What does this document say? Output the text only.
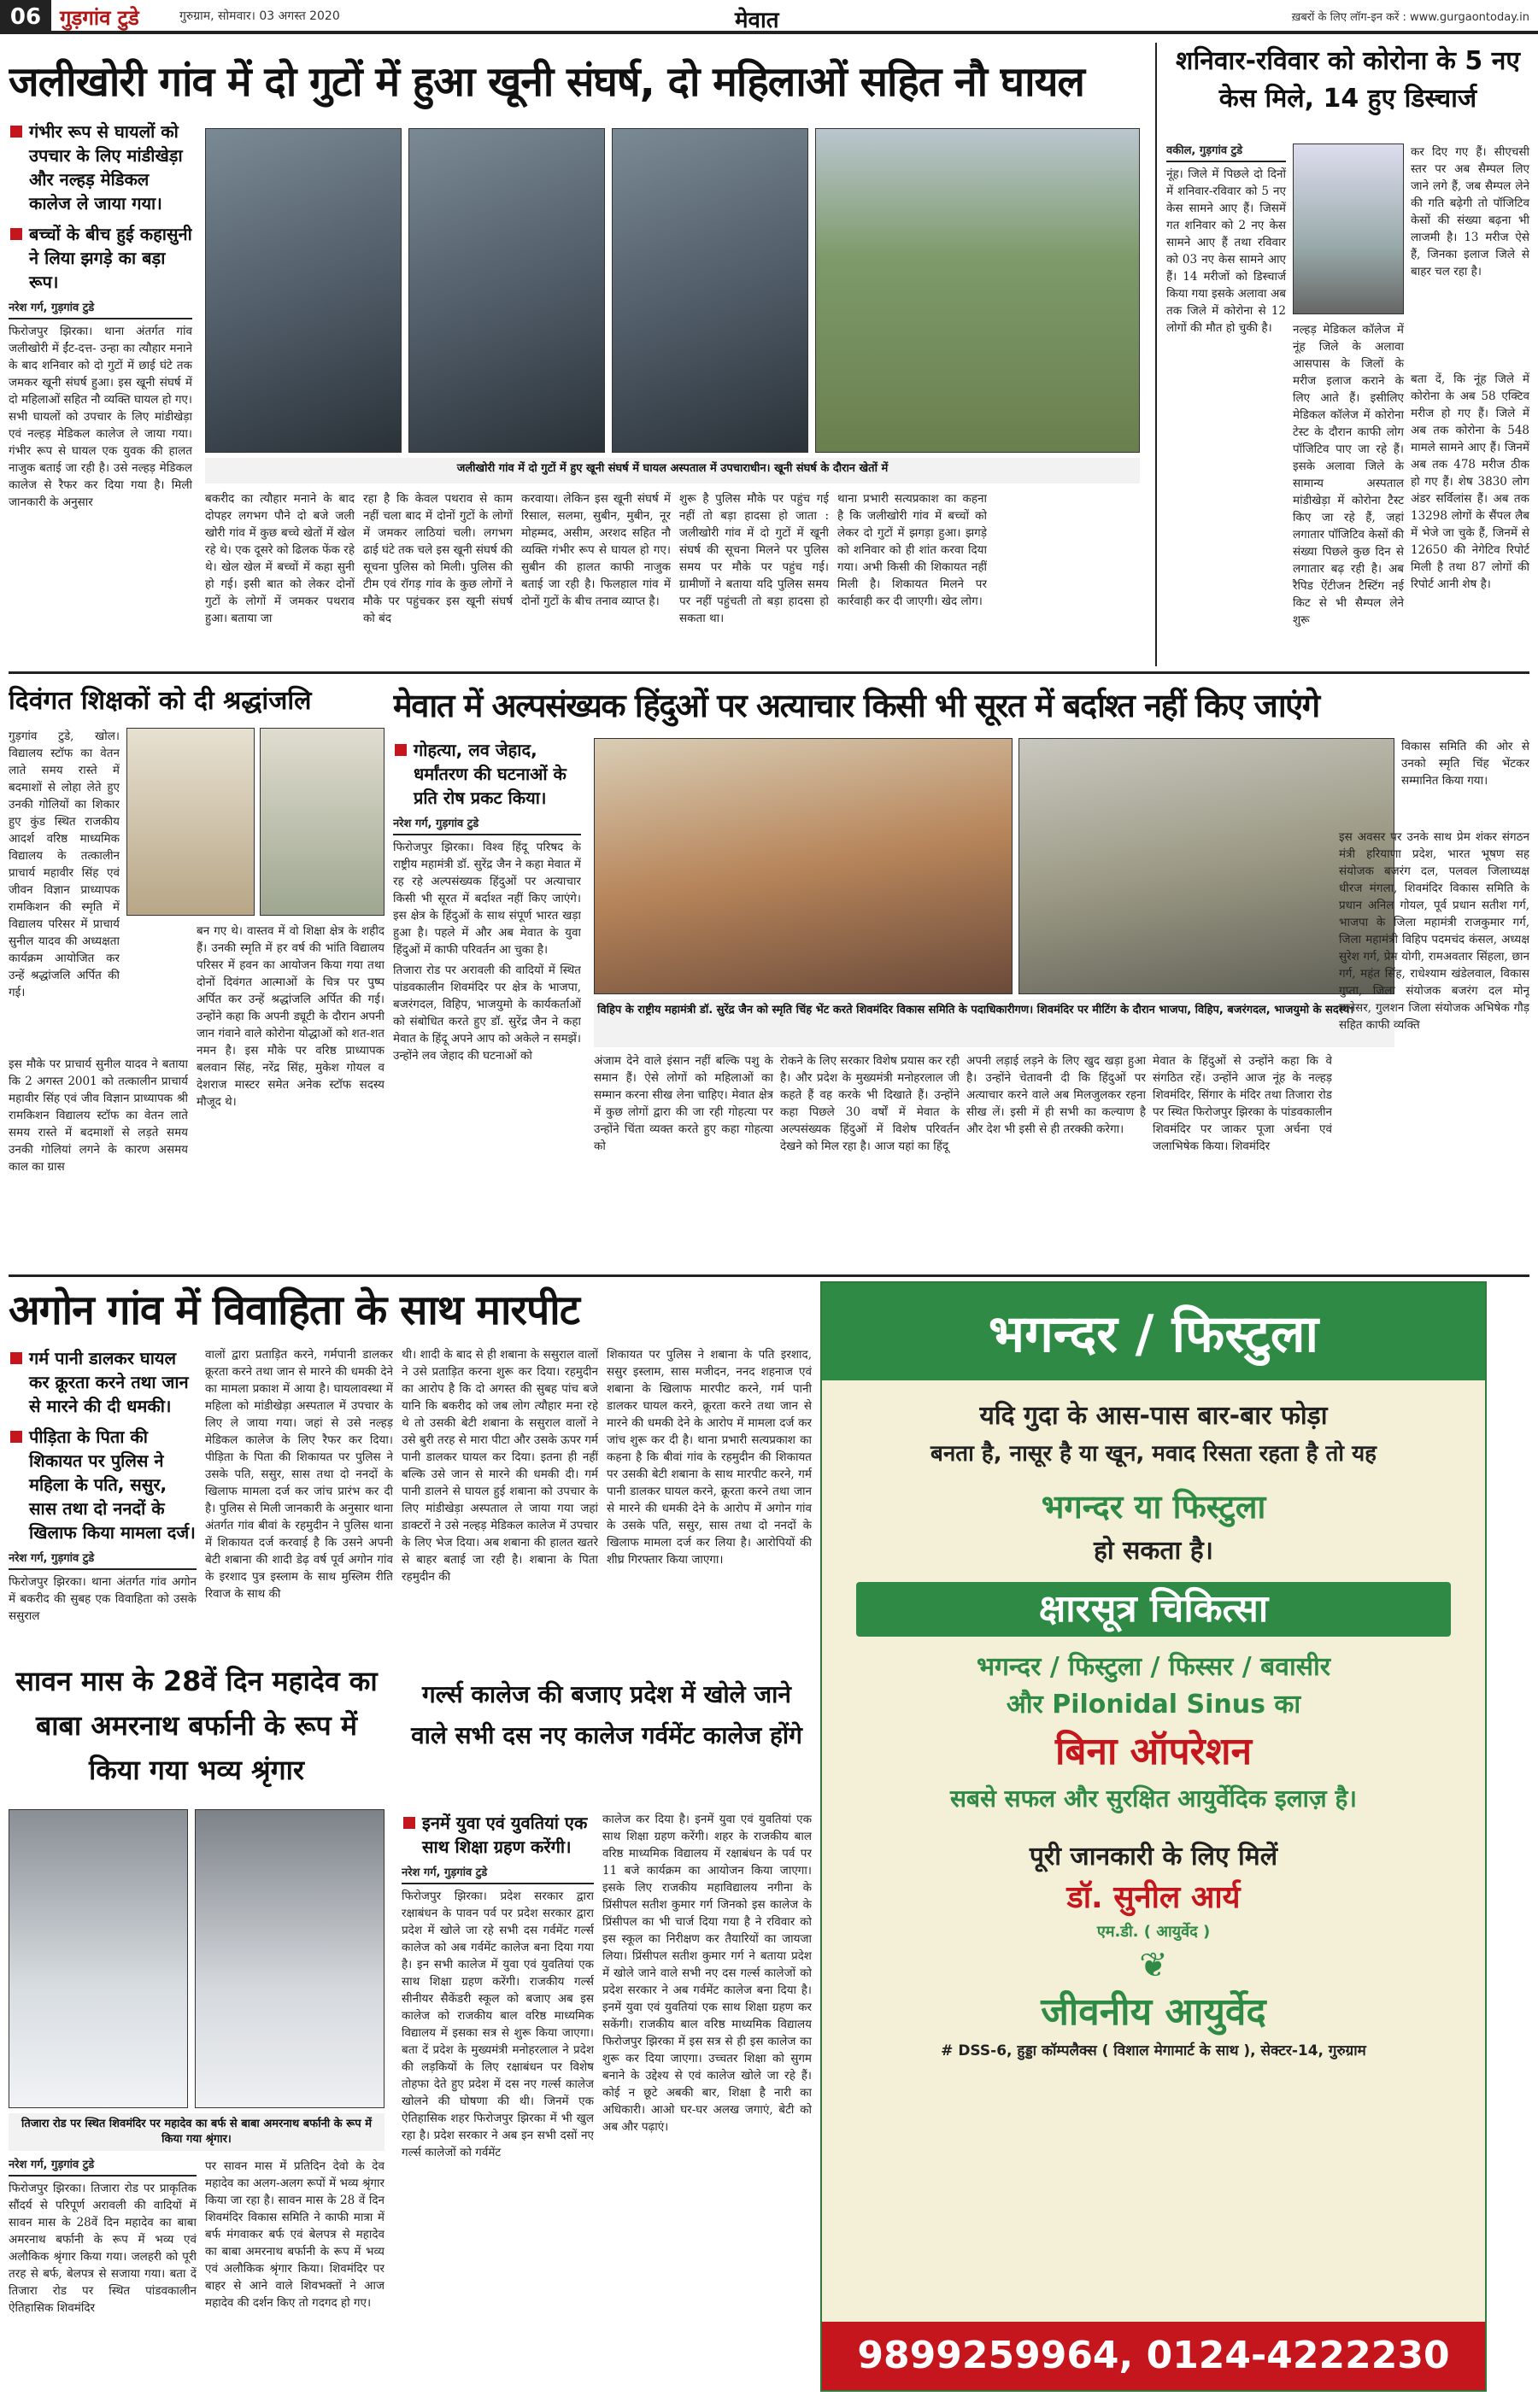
06 गुड़गांव टुडे	गुरुग्राम, सोमवार। 03 अगस्त 2020	मेवात	ख़बरों के लिए लॉग-इन करें : www.gurgaontoday.in
जलीखोरी गांव में दो गुटों में हुआ खूनी संघर्ष, दो महिलाओं सहित नौ घायल
गंभीर रूप से घायलों को उपचार के लिए मांडीखेड़ा और नल्हड़ मेडिकल कालेज ले जाया गया।
बच्चों के बीच हुई कहासुनी ने लिया झगड़े का बड़ा रूप।
नरेश गर्ग, गुड़गांव टुडे
फिरोजपुर झिरका। थाना अंतर्गत गांव जलीखोरी में ईंट-दत्त- उन्हा का त्यौहार मनाने के बाद शनिवार को दो गुटों में छाई घंटे तक जमकर खूनी संघर्ष हुआ। इस खूनी संघर्ष में दो महिलाओं सहित नौ व्यक्ति घायल हो गए। सभी घायलों को उपचार के लिए मांडीखेड़ा एवं नल्हड़ मेडिकल कालेज ले जाया गया। गंभीर रूप से घायल एक युवक की हालत नाजुक बताई जा रही है। उसे नल्हड़ मेडिकल कालेज से रैफर कर दिया गया है। मिली जानकारी के अनुसार
जलीखोरी गांव में दो गुटों में हुए खूनी संघर्ष में घायल अस्पताल में उपचाराधीन। खूनी संघर्ष के दौरान खेतों में
बकरीद का त्यौहार मनाने के बाद दोपहर लगभग पौने दो बजे जली खोरी गांव में कुछ बच्चे खेतों में खेल रहे थे। एक दूसरे को ढिलक फेंक रहे थे। खेल खेल में बच्चों में कहा सुनी हो गई। इसी बात को लेकर दोनों गुटों के लोगों में जमकर पथराव हुआ। बताया जा
रहा है कि केवल पथराव से काम नहीं चला बाद में दोनों गुटों के लोगों में जमकर लाठियां चली। लगभग ढाई घंटे तक चले इस खूनी संघर्ष की सूचना पुलिस को मिली। पुलिस की टीम एवं रॉगड़ गांव के कुछ लोगों ने मौके पर पहुंचकर इस खूनी संघर्ष को बंद
करवाया। लेकिन इस खूनी संघर्ष में रिसाल, सलमा, सुबीन, मुबीन, नूर मोहम्मद, असीम, अरशद सहित नौ व्यक्ति गंभीर रूप से घायल हो गए। सुबीन की हालत काफी नाजुक बताई जा रही है। फिलहाल गांव में दोनों गुटों के बीच तनाव व्याप्त है।
शुरू है पुलिस मौके पर पहुंच गई नहीं तो बड़ा हादसा हो जाता : जलीखोरी गांव में दो गुटों में खूनी संघर्ष की सूचना मिलने पर पुलिस समय पर मौके पर पहुंच गई। ग्रामीणों ने बताया यदि पुलिस समय पर नहीं पहुंचती तो बड़ा हादसा हो सकता था।
थाना प्रभारी सत्यप्रकाश का कहना है कि जलीखोरी गांव में बच्चों को लेकर दो गुटों में झगड़ा हुआ। झगड़े को शनिवार को ही शांत करवा दिया गया। अभी किसी की शिकायत नहीं मिली है। शिकायत मिलने पर कार्रवाही कर दी जाएगी। खेद लोग।
शनिवार-रविवार को कोरोना के 5 नए केस मिले, 14 हुए डिस्चार्ज
वकील, गुड़गांव टुडे
नूंह। जिले में पिछले दो दिनों में शनिवार-रविवार को 5 नए केस सामने आए हैं। जिसमें गत शनिवार को 2 नए केस सामने आए हैं तथा रविवार को 03 नए केस सामने आए हैं। 14 मरीजों को डिस्चार्ज किया गया इसके अलावा अब तक जिले में कोरोना से 12 लोगों की मौत हो चुकी है।
कर दिए गए हैं। सीएचसी स्तर पर अब सैम्पल लिए जाने लगे हैं, जब सैम्पल लेने की गति बढ़ेगी तो पॉजिटिव केसों की संख्या बढ़ना भी लाजमी है। 13 मरीज ऐसे हैं, जिनका इलाज जिले से बाहर चल रहा है।
नल्हड़ मेडिकल कॉलेज में नूंह जिले के अलावा आसपास के जिलों के मरीज इलाज कराने के लिए आते हैं। इसीलिए मेडिकल कॉलेज में कोरोना टेस्ट के दौरान काफी लोग पॉजिटिव पाए जा रहे हैं। इसके अलावा जिले के सामान्य अस्पताल मांडीखेड़ा में कोरोना टैस्ट किए जा रहे हैं, जहां लगातार पॉजिटिव केसों की संख्या पिछले कुछ दिन से लगातार बढ़ रही है। अब रैपिड ऐंटीजन टैस्टिंग नई किट से भी सैम्पल लेने शुरू
बता दें, कि नूंह जिले में कोरोना के अब 58 एक्टिव मरीज हो गए हैं। जिले में अब तक कोरोना के 548 मामले सामने आए हैं। जिनमें अब तक 478 मरीज ठीक हो गए हैं। शेष 3830 लोग अंडर सर्विलांस हैं। अब तक 13298 लोगों के सैंपल लैब में भेजे जा चुके हैं, जिनमें से 12650 की नेगेटिव रिपोर्ट मिली है तथा 87 लोगों की रिपोर्ट आनी शेष है।
दिवंगत शिक्षकों को दी श्रद्धांजलि
गुड़गांव टुडे, खोल। विद्यालय स्टॉफ का वेतन लाते समय रास्ते में बदमाशों से लोहा लेते हुए उनकी गोलियों का शिकार हुए कुंड स्थित राजकीय आदर्श वरिष्ठ माध्यमिक विद्यालय के तत्कालीन प्राचार्य महावीर सिंह एवं जीवन विज्ञान प्राध्यापक रामकिशन की स्मृति में विद्यालय परिसर में प्राचार्य सुनील यादव की अध्यक्षता कार्यक्रम आयोजित कर उन्हें श्रद्धांजलि अर्पित की गई।
इस मौके पर प्राचार्य सुनील यादव ने बताया कि 2 अगस्त 2001 को तत्कालीन प्राचार्य महावीर सिंह एवं जीव विज्ञान प्राध्यापक श्री रामकिशन विद्यालय स्टॉफ का वेतन लाते समय रास्ते में बदमाशों से लड़ते समय उनकी गोलियां लगने के कारण असमय काल का ग्रास
बन गए थे। वास्तव में वो शिक्षा क्षेत्र के शहीद हैं। उनकी स्मृति में हर वर्ष की भांति विद्यालय परिसर में हवन का आयोजन किया गया तथा दोनों दिवंगत आत्माओं के चित्र पर पुष्प अर्पित कर उन्हें श्रद्धांजलि अर्पित की गई। उन्होंने कहा कि अपनी ड्यूटी के दौरान अपनी जान गंवाने वाले कोरोना योद्धाओं को शत-शत नमन है। इस मौके पर वरिष्ठ प्राध्यापक बलवान सिंह, नरेंद्र सिंह, मुकेश गोयल व देशराज मास्टर समेत अनेक स्टॉफ सदस्य मौजूद थे।
मेवात में अल्पसंख्यक हिंदुओं पर अत्याचार किसी भी सूरत में बर्दाश्त नहीं किए जाएंगे
गोहत्या, लव जेहाद, धर्मांतरण की घटनाओं के प्रति रोष प्रकट किया।
नरेश गर्ग, गुड़गांव टुडे
फिरोजपुर झिरका। विश्व हिंदू परिषद के राष्ट्रीय महामंत्री डॉ. सुरेंद्र जैन ने कहा मेवात में रह रहे अल्पसंख्यक हिंदुओं पर अत्याचार किसी भी सूरत में बर्दाश्त नहीं किए जाएंगे। इस क्षेत्र के हिंदुओं के साथ संपूर्ण भारत खड़ा हुआ है। पहले में और अब मेवात के युवा हिंदुओं में काफी परिवर्तन आ चुका है।
तिजारा रोड पर अरावली की वादियों में स्थित पांडवकालीन शिवमंदिर पर क्षेत्र के भाजपा, बजरंगदल, विहिप, भाजयुमो के कार्यकर्ताओं को संबोधित करते हुए डॉ. सुरेंद्र जैन ने कहा मेवात के हिंदू अपने आप को अकेले न समझें। उन्होंने लव जेहाद की घटनाओं को
विहिप के राष्ट्रीय महामंत्री डॉ. सुरेंद्र जैन को स्मृति चिंह भेंट करते शिवमंदिर विकास समिति के पदाधिकारीगण। शिवमंदिर पर मीटिंग के दौरान भाजपा, विहिप, बजरंगदल, भाजयुमो के सदस्य।
अंजाम देने वाले इंसान नहीं बल्कि पशु के समान हैं। ऐसे लोगों को महिलाओं का सम्मान करना सीख लेना चाहिए। मेवात क्षेत्र में कुछ लोगों द्वारा की जा रही गोहत्या पर उन्होंने चिंता व्यक्त करते हुए कहा गोहत्या को
रोकने के लिए सरकार विशेष प्रयास कर रही है। और प्रदेश के मुख्यमंत्री मनोहरलाल जी कहते हैं वह करके भी दिखाते हैं। उन्होंने कहा पिछले 30 वर्षों में मेवात के अल्पसंख्यक हिंदुओं में विशेष परिवर्तन देखने को मिल रहा है। आज यहां का हिंदू
अपनी लड़ाई लड़ने के लिए खुद खड़ा हुआ है। उन्होंने चेतावनी दी कि हिंदुओं पर अत्याचार करने वाले अब मिलजुलकर रहना सीख लें। इसी में ही सभी का कल्याण है और देश भी इसी से ही तरक्की करेगा।
मेवात के हिंदुओं से उन्होंने कहा कि वे संगठित रहें। उन्होंने आज नूंह के नल्हड़ शिवमंदिर, सिंगार के मंदिर तथा तिजारा रोड पर स्थित फिरोजपुर झिरका के पांडवकालीन शिवमंदिर पर जाकर पूजा अर्चना एवं जलाभिषेक किया। शिवमंदिर
विकास समिति की ओर से उनको स्मृति चिंह भेंटकर सम्मानित किया गया।
इस अवसर पर उनके साथ प्रेम शंकर संगठन मंत्री हरियाणा प्रदेश, भारत भूषण सह संयोजक बजरंग दल, पलवल जिलाध्यक्ष धीरज मंगला, शिवमंदिर विकास समिति के प्रधान अनिल गोयल, पूर्व प्रधान सतीश गर्ग, भाजपा के जिला महामंत्री राजकुमार गर्ग, जिला महामंत्री विहिप पदमचंद कंसल, अध्यक्ष सुरेश गर्ग, प्रेम योगी, रामअवतार सिंहला, छान गर्ग, महंत सिंह, राधेश्याम खंडेलवाल, विकास गुप्ता, जिला संयोजक बजरंग दल मोनू मानेसर, गुलशन जिला संयोजक अभिषेक गौड़ सहित काफी व्यक्ति
अगोन गांव में विवाहिता के साथ मारपीट
गर्म पानी डालकर घायल कर क्रूरता करने तथा जान से मारने की दी धमकी।
पीड़िता के पिता की शिकायत पर पुलिस ने महिला के पति, ससुर, सास तथा दो ननदों के खिलाफ किया मामला दर्ज।
नरेश गर्ग, गुड़गांव टुडे
फिरोजपुर झिरका। थाना अंतर्गत गांव अगोन में बकरीद की सुबह एक विवाहिता को उसके ससुराल
वालों द्वारा प्रताड़ित करने, गर्मपानी डालकर क्रूरता करने तथा जान से मारने की धमकी देने का मामला प्रकाश में आया है। घायलावस्था में महिला को मांडीखेड़ा अस्पताल में उपचार के लिए ले जाया गया। जहां से उसे नल्हड़ मेडिकल कालेज के लिए रैफर कर दिया। पीड़िता के पिता की शिकायत पर पुलिस ने उसके पति, ससुर, सास तथा दो ननदों के खिलाफ मामला दर्ज कर जांच प्रारंभ कर दी है। पुलिस से मिली जानकारी के अनुसार थाना अंतर्गत गांव बीवां के रहमुदीन ने पुलिस थाना में शिकायत दर्ज करवाई है कि उसने अपनी बेटी शबाना की शादी डेढ़ वर्ष पूर्व अगोन गांव के इरशाद पुत्र इस्लाम के साथ मुस्लिम रीति रिवाज के साथ की
थी। शादी के बाद से ही शबाना के ससुराल वालों ने उसे प्रताड़ित करना शुरू कर दिया। रहमुदीन का आरोप है कि दो अगस्त की सुबह पांच बजे यानि कि बकरीद को जब लोग त्यौहार मना रहे थे तो उसकी बेटी शबाना के ससुराल वालों ने उसे बुरी तरह से मारा पीटा और उसके ऊपर गर्म पानी डालकर घायल कर दिया। इतना ही नहीं बल्कि उसे जान से मारने की धमकी दी। गर्म पानी डालने से घायल हुई शबाना को उपचार के लिए मांडीखेड़ा अस्पताल ले जाया गया जहां डाक्टरों ने उसे नल्हड़ मेडिकल कालेज में उपचार के लिए भेज दिया। अब शबाना की हालत खतरे से बाहर बताई जा रही है। शबाना के पिता रहमुदीन की
शिकायत पर पुलिस ने शबाना के पति इरशाद, ससुर इस्लाम, सास मजीदन, ननद शहनाज एवं शबाना के खिलाफ मारपीट करने, गर्म पानी डालकर घायल करने, क्रूरता करने तथा जान से मारने की धमकी देने के आरोप में मामला दर्ज कर जांच शुरू कर दी है। थाना प्रभारी सत्यप्रकाश का कहना है कि बीवां गांव के रहमुदीन की शिकायत पर उसकी बेटी शबाना के साथ मारपीट करने, गर्म पानी डालकर घायल करने, क्रूरता करने तथा जान से मारने की धमकी देने के आरोप में अगोन गांव के उसके पति, ससुर, सास तथा दो ननदों के खिलाफ मामला दर्ज कर लिया है। आरोपियों की शीघ्र गिरफ्तार किया जाएगा।
सावन मास के 28वें दिन महादेव का बाबा अमरनाथ बर्फानी के रूप में किया गया भव्य श्रृंगार
तिजारा रोड पर स्थित शिवमंदिर पर महादेव का बर्फ से बाबा अमरनाथ बर्फानी के रूप में किया गया श्रृंगार।
नरेश गर्ग, गुड़गांव टुडे
फिरोजपुर झिरका। तिजारा रोड पर प्राकृतिक सौंदर्य से परिपूर्ण अरावली की वादियों में सावन मास के 28वें दिन महादेव का बाबा अमरनाथ बर्फानी के रूप में भव्य एवं अलौकिक श्रृंगार किया गया। जलहरी को पूरी तरह से बर्फ, बेलपत्र से सजाया गया। बता दें तिजारा रोड पर स्थित पांडवकालीन ऐतिहासिक शिवमंदिर
पर सावन मास में प्रतिदिन देवो के देव महादेव का अलग-अलग रूपों में भव्य श्रृंगार किया जा रहा है। सावन मास के 28 वें दिन शिवमंदिर विकास समिति ने काफी मात्रा में बर्फ मंगवाकर बर्फ एवं बेलपत्र से महादेव का बाबा अमरनाथ बर्फानी के रूप में भव्य एवं अलौकिक श्रृंगार किया। शिवमंदिर पर बाहर से आने वाले शिवभक्तों ने आज महादेव की दर्शन किए तो गदगद हो गए।
गर्ल्स कालेज की बजाए प्रदेश में खोले जाने वाले सभी दस नए कालेज गर्वमेंट कालेज होंगे
इनमें युवा एवं युवतियां एक साथ शिक्षा ग्रहण करेंगी।
नरेश गर्ग, गुड़गांव टुडे
फिरोजपुर झिरका। प्रदेश सरकार द्वारा रक्षाबंधन के पावन पर्व पर प्रदेश सरकार द्वारा प्रदेश में खोले जा रहे सभी दस गर्वमेंट गर्ल्स कालेज को अब गर्वमेंट कालेज बना दिया गया है। इन सभी कालेज में युवा एवं युवतियां एक साथ शिक्षा ग्रहण करेंगी। राजकीय गर्ल्स सीनीयर सैकेंडरी स्कूल को बजाए अब इस कालेज को राजकीय बाल वरिष्ठ माध्यमिक विद्यालय में इसका सत्र से शुरू किया जाएगा। बता दें प्रदेश के मुख्यमंत्री मनोहरलाल ने प्रदेश की लड़कियों के लिए रक्षाबंधन पर विशेष तोहफा देते हुए प्रदेश में दस नए गर्ल्स कालेज खोलने की घोषणा की थी। जिनमें एक ऐतिहासिक शहर फिरोजपुर झिरका में भी खुल रहा है। प्रदेश सरकार ने अब इन सभी दसों नए गर्ल्स कालेजों को गर्वमेंट
कालेज कर दिया है। इनमें युवा एवं युवतियां एक साथ शिक्षा ग्रहण करेंगी। शहर के राजकीय बाल वरिष्ठ माध्यमिक विद्यालय में रक्षाबंधन के पर्व पर 11 बजे कार्यक्रम का आयोजन किया जाएगा। इसके लिए राजकीय महाविद्यालय नगीना के प्रिंसीपल सतीश कुमार गर्ग जिनको इस कालेज के प्रिंसीपल का भी चार्ज दिया गया है ने रविवार को इस स्कूल का निरीक्षण कर तैयारियों का जायजा लिया। प्रिंसीपल सतीश कुमार गर्ग ने बताया प्रदेश में खोले जाने वाले सभी नए दस गर्ल्स कालेजों को प्रदेश सरकार ने अब गर्वमेंट कालेज बना दिया है। इनमें युवा एवं युवतियां एक साथ शिक्षा ग्रहण कर सकेंगी। राजकीय बाल वरिष्ठ माध्यमिक विद्यालय फिरोजपुर झिरका में इस सत्र से ही इस कालेज का शुरू कर दिया जाएगा। उच्चतर शिक्षा को सुगम बनाने के उद्देश्य से एवं कालेज खोले जा रहे हैं। कोई न छूटे अबकी बार, शिक्षा है नारी का अधिकारी। आओ घर-घर अलख जगाएं, बेटी को अब और पढ़ाएं।
भगन्दर / फिस्टुला
यदि गुदा के आस-पास बार-बार फोड़ा
बनता है, नासूर है या खून, मवाद रिसता रहता है तो यह
भगन्दर या फिस्टुला
हो सकता है।
क्षारसूत्र चिकित्सा
भगन्दर / फिस्टुला / फिस्सर / बवासीर
और Pilonidal Sinus का
बिना ऑपरेशन
सबसे सफल और सुरक्षित आयुर्वेदिक इलाज़ है।
पूरी जानकारी के लिए मिलें
डॉ. सुनील आर्य
एम.डी. ( आयुर्वेद )
❦
जीवनीय आयुर्वेद
# DSS-6, हुड्डा कॉम्पलैक्स ( विशाल मेगामार्ट के साथ ), सेक्टर-14, गुरुग्राम
9899259964, 0124-4222230
